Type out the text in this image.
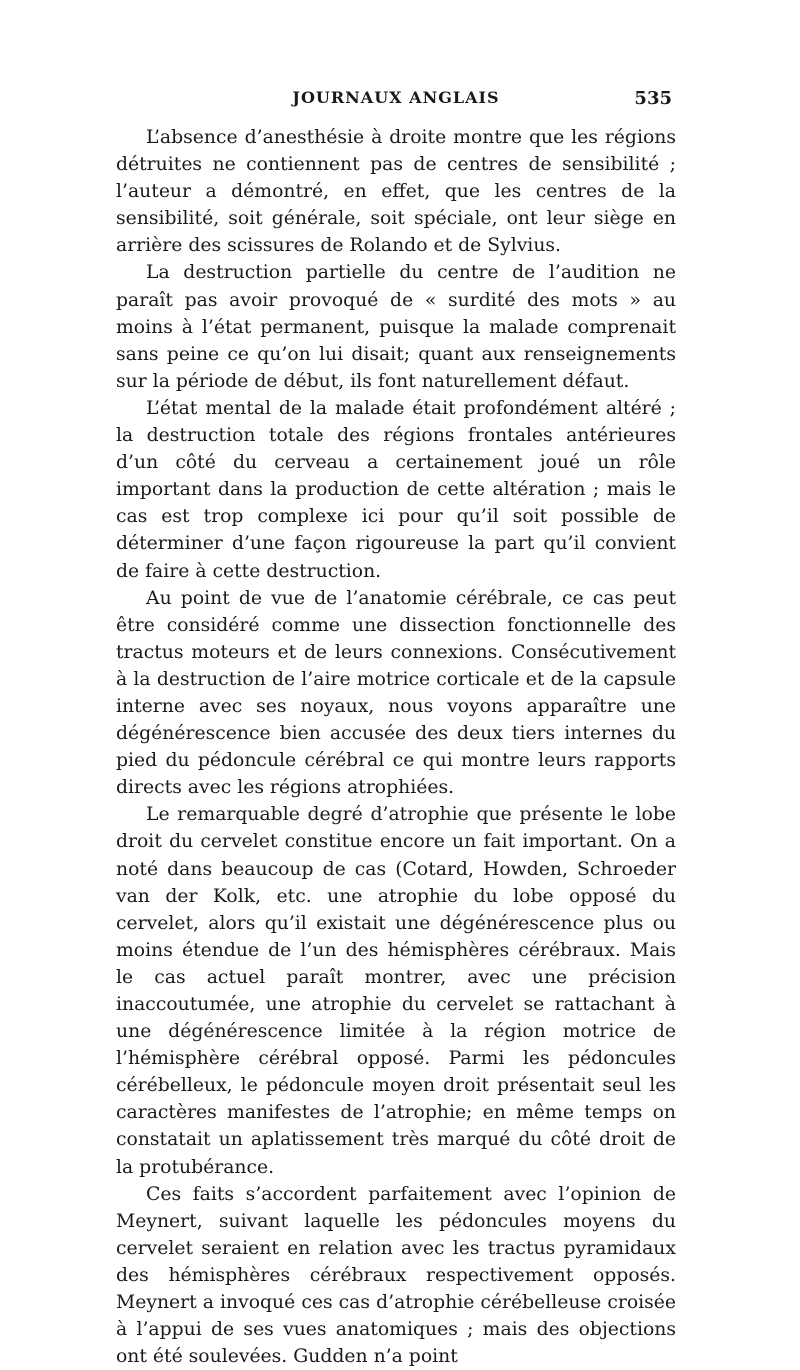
JOURNAUX ANGLAIS	535

L’absence d’anesthésie à droite montre que les régions détruites ne contiennent pas de centres de sensibilité ; l’auteur a démontré, en effet, que les centres de la sensibilité, soit générale, soit spéciale, ont leur siège en arrière des scissures de Rolando et de Sylvius.

La destruction partielle du centre de l’audition ne paraît pas avoir provoqué de « surdité des mots » au moins à l’état permanent, puisque la malade comprenait sans peine ce qu’on lui disait; quant aux renseignements sur la période de début, ils font naturellement défaut.

L’état mental de la malade était profondément altéré ; la destruction totale des régions frontales antérieures d’un côté du cerveau a certainement joué un rôle important dans la production de cette altération ; mais le cas est trop complexe ici pour qu’il soit possible de déterminer d’une façon rigoureuse la part qu’il convient de faire à cette destruction.

Au point de vue de l’anatomie cérébrale, ce cas peut être considéré comme une dissection fonctionnelle des tractus moteurs et de leurs connexions. Consécutivement à la destruction de l’aire motrice corticale et de la capsule interne avec ses noyaux, nous voyons apparaître une dégénérescence bien accusée des deux tiers internes du pied du pédoncule cérébral ce qui montre leurs rapports directs avec les régions atrophiées.

Le remarquable degré d’atrophie que présente le lobe droit du cervelet constitue encore un fait important. On a noté dans beaucoup de cas (Cotard, Howden, Schroeder van der Kolk, etc. une atrophie du lobe opposé du cervelet, alors qu’il existait une dégénérescence plus ou moins étendue de l’un des hémisphères cérébraux. Mais le cas actuel paraît montrer, avec une précision inaccoutumée, une atrophie du cervelet se rattachant à une dégénérescence limitée à la région motrice de l’hémisphère cérébral opposé. Parmi les pédoncules cérébelleux, le pédoncule moyen droit présentait seul les caractères manifestes de l’atrophie; en même temps on constatait un aplatissement très marqué du côté droit de la protubérance.

Ces faits s’accordent parfaitement avec l’opinion de Meynert, suivant laquelle les pédoncules moyens du cervelet seraient en relation avec les tractus pyramidaux des hémisphères cérébraux respectivement opposés. Meynert a invoqué ces cas d’atrophie cérébelleuse croisée à l’appui de ses vues anatomiques ; mais des objections ont été soulevées. Gudden n’a point
